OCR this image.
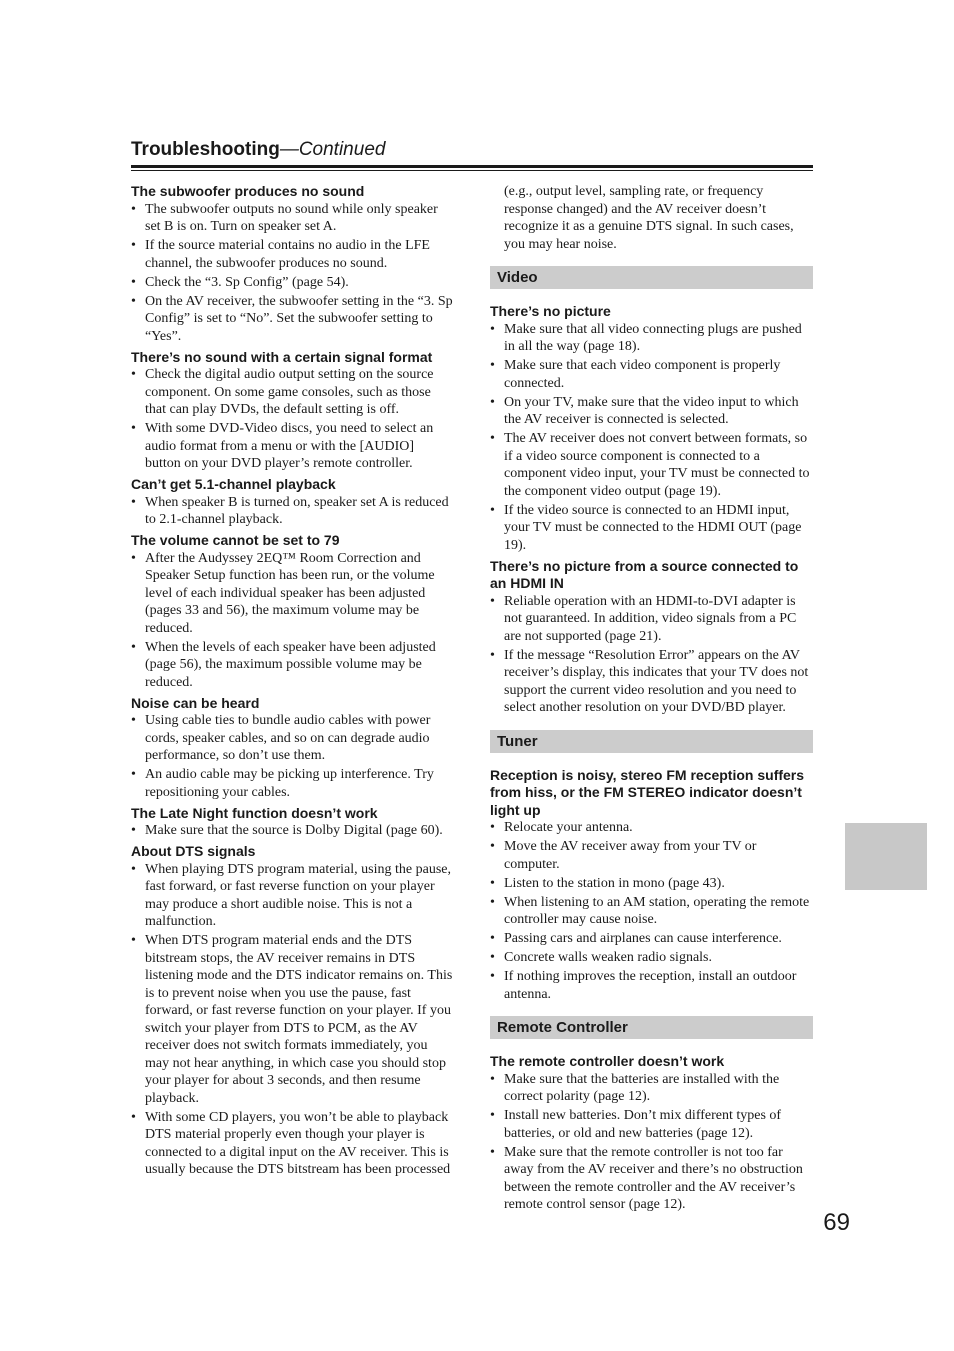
Troubleshooting—Continued
The subwoofer produces no sound
• The subwoofer outputs no sound while only speaker set B is on. Turn on speaker set A.
• If the source material contains no audio in the LFE channel, the subwoofer produces no sound.
• Check the “3. Sp Config” (page 54).
• On the AV receiver, the subwoofer setting in the “3. Sp Config” is set to “No”. Set the subwoofer setting to “Yes”.
There’s no sound with a certain signal format
• Check the digital audio output setting on the source component. On some game consoles, such as those that can play DVDs, the default setting is off.
• With some DVD-Video discs, you need to select an audio format from a menu or with the [AUDIO] button on your DVD player’s remote controller.
Can’t get 5.1-channel playback
• When speaker B is turned on, speaker set A is reduced to 2.1-channel playback.
The volume cannot be set to 79
• After the Audyssey 2EQ™ Room Correction and Speaker Setup function has been run, or the volume level of each individual speaker has been adjusted (pages 33 and 56), the maximum volume may be reduced.
• When the levels of each speaker have been adjusted (page 56), the maximum possible volume may be reduced.
Noise can be heard
• Using cable ties to bundle audio cables with power cords, speaker cables, and so on can degrade audio performance, so don’t use them.
• An audio cable may be picking up interference. Try repositioning your cables.
The Late Night function doesn’t work
• Make sure that the source is Dolby Digital (page 60).
About DTS signals
• When playing DTS program material, using the pause, fast forward, or fast reverse function on your player may produce a short audible noise. This is not a malfunction.
• When DTS program material ends and the DTS bitstream stops, the AV receiver remains in DTS listening mode and the DTS indicator remains on. This is to prevent noise when you use the pause, fast forward, or fast reverse function on your player. If you switch your player from DTS to PCM, as the AV receiver does not switch formats immediately, you may not hear anything, in which case you should stop your player for about 3 seconds, and then resume playback.
• With some CD players, you won’t be able to playback DTS material properly even though your player is connected to a digital input on the AV receiver. This is usually because the DTS bitstream has been processed

(e.g., output level, sampling rate, or frequency response changed) and the AV receiver doesn’t recognize it as a genuine DTS signal. In such cases, you may hear noise.

Video
There’s no picture
• Make sure that all video connecting plugs are pushed in all the way (page 18).
• Make sure that each video component is properly connected.
• On your TV, make sure that the video input to which the AV receiver is connected is selected.
• The AV receiver does not convert between formats, so if a video source component is connected to a component video input, your TV must be connected to the component video output (page 19).
• If the video source is connected to an HDMI input, your TV must be connected to the HDMI OUT (page 19).
There’s no picture from a source connected to an HDMI IN
• Reliable operation with an HDMI-to-DVI adapter is not guaranteed. In addition, video signals from a PC are not supported (page 21).
• If the message “Resolution Error” appears on the AV receiver’s display, this indicates that your TV does not support the current video resolution and you need to select another resolution on your DVD/BD player.
Tuner
Reception is noisy, stereo FM reception suffers from hiss, or the FM STEREO indicator doesn’t light up
• Relocate your antenna.
• Move the AV receiver away from your TV or computer.
• Listen to the station in mono (page 43).
• When listening to an AM station, operating the remote controller may cause noise.
• Passing cars and airplanes can cause interference.
• Concrete walls weaken radio signals.
• If nothing improves the reception, install an outdoor antenna.
Remote Controller
The remote controller doesn’t work
• Make sure that the batteries are installed with the correct polarity (page 12).
• Install new batteries. Don’t mix different types of batteries, or old and new batteries (page 12).
• Make sure that the remote controller is not too far away from the AV receiver and there’s no obstruction between the remote controller and the AV receiver’s remote control sensor (page 12).
69
